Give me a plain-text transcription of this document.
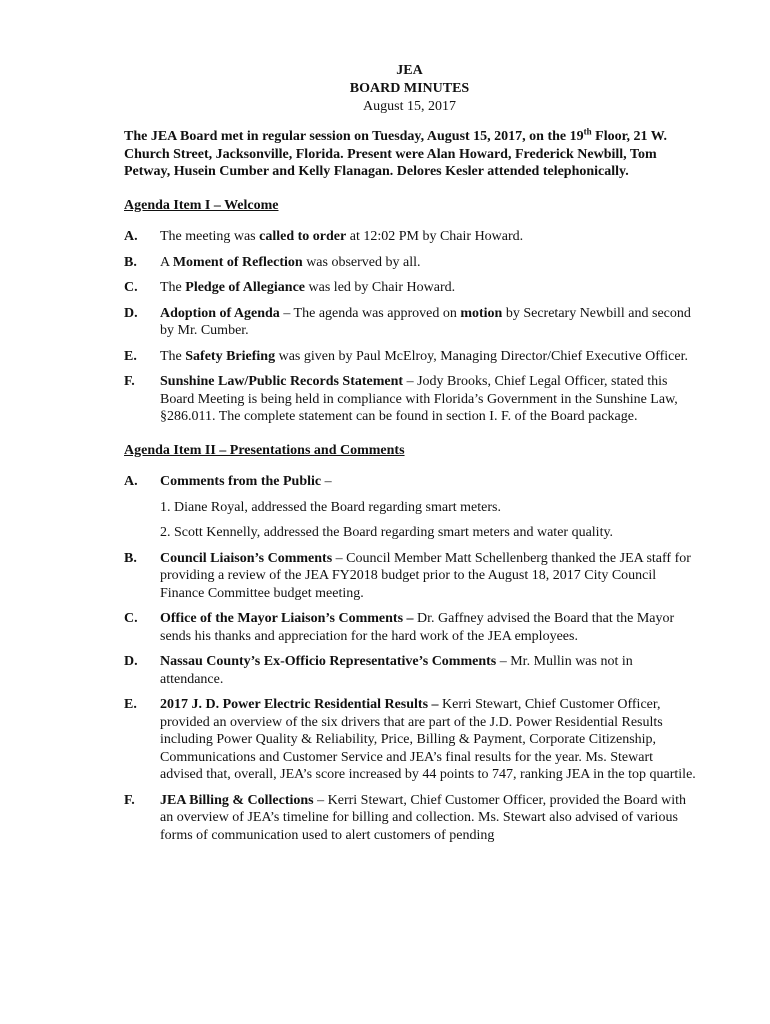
JEA
BOARD MINUTES
August 15, 2017
The JEA Board met in regular session on Tuesday, August 15, 2017, on the 19th Floor, 21 W. Church Street, Jacksonville, Florida. Present were Alan Howard, Frederick Newbill, Tom Petway, Husein Cumber and Kelly Flanagan. Delores Kesler attended telephonically.
Agenda Item I – Welcome
A.	The meeting was called to order at 12:02 PM by Chair Howard.
B.	A Moment of Reflection was observed by all.
C.	The Pledge of Allegiance was led by Chair Howard.
D.	Adoption of Agenda – The agenda was approved on motion by Secretary Newbill and second by Mr. Cumber.
E.	The Safety Briefing was given by Paul McElroy, Managing Director/Chief Executive Officer.
F.	Sunshine Law/Public Records Statement – Jody Brooks, Chief Legal Officer, stated this Board Meeting is being held in compliance with Florida’s Government in the Sunshine Law, §286.011. The complete statement can be found in section I. F. of the Board package.
Agenda Item II – Presentations and Comments
A.	Comments from the Public –
1. Diane Royal, addressed the Board regarding smart meters.
2. Scott Kennelly, addressed the Board regarding smart meters and water quality.
B.	Council Liaison’s Comments – Council Member Matt Schellenberg thanked the JEA staff for providing a review of the JEA FY2018 budget prior to the August 18, 2017 City Council Finance Committee budget meeting.
C.	Office of the Mayor Liaison’s Comments – Dr. Gaffney advised the Board that the Mayor sends his thanks and appreciation for the hard work of the JEA employees.
D.	Nassau County’s Ex-Officio Representative’s Comments – Mr. Mullin was not in attendance.
E.	2017 J. D. Power Electric Residential Results – Kerri Stewart, Chief Customer Officer, provided an overview of the six drivers that are part of the J.D. Power Residential Results including Power Quality & Reliability, Price, Billing & Payment, Corporate Citizenship, Communications and Customer Service and JEA’s final results for the year. Ms. Stewart advised that, overall, JEA’s score increased by 44 points to 747, ranking JEA in the top quartile.
F.	JEA Billing & Collections – Kerri Stewart, Chief Customer Officer, provided the Board with an overview of JEA’s timeline for billing and collection. Ms. Stewart also advised of various forms of communication used to alert customers of pending
